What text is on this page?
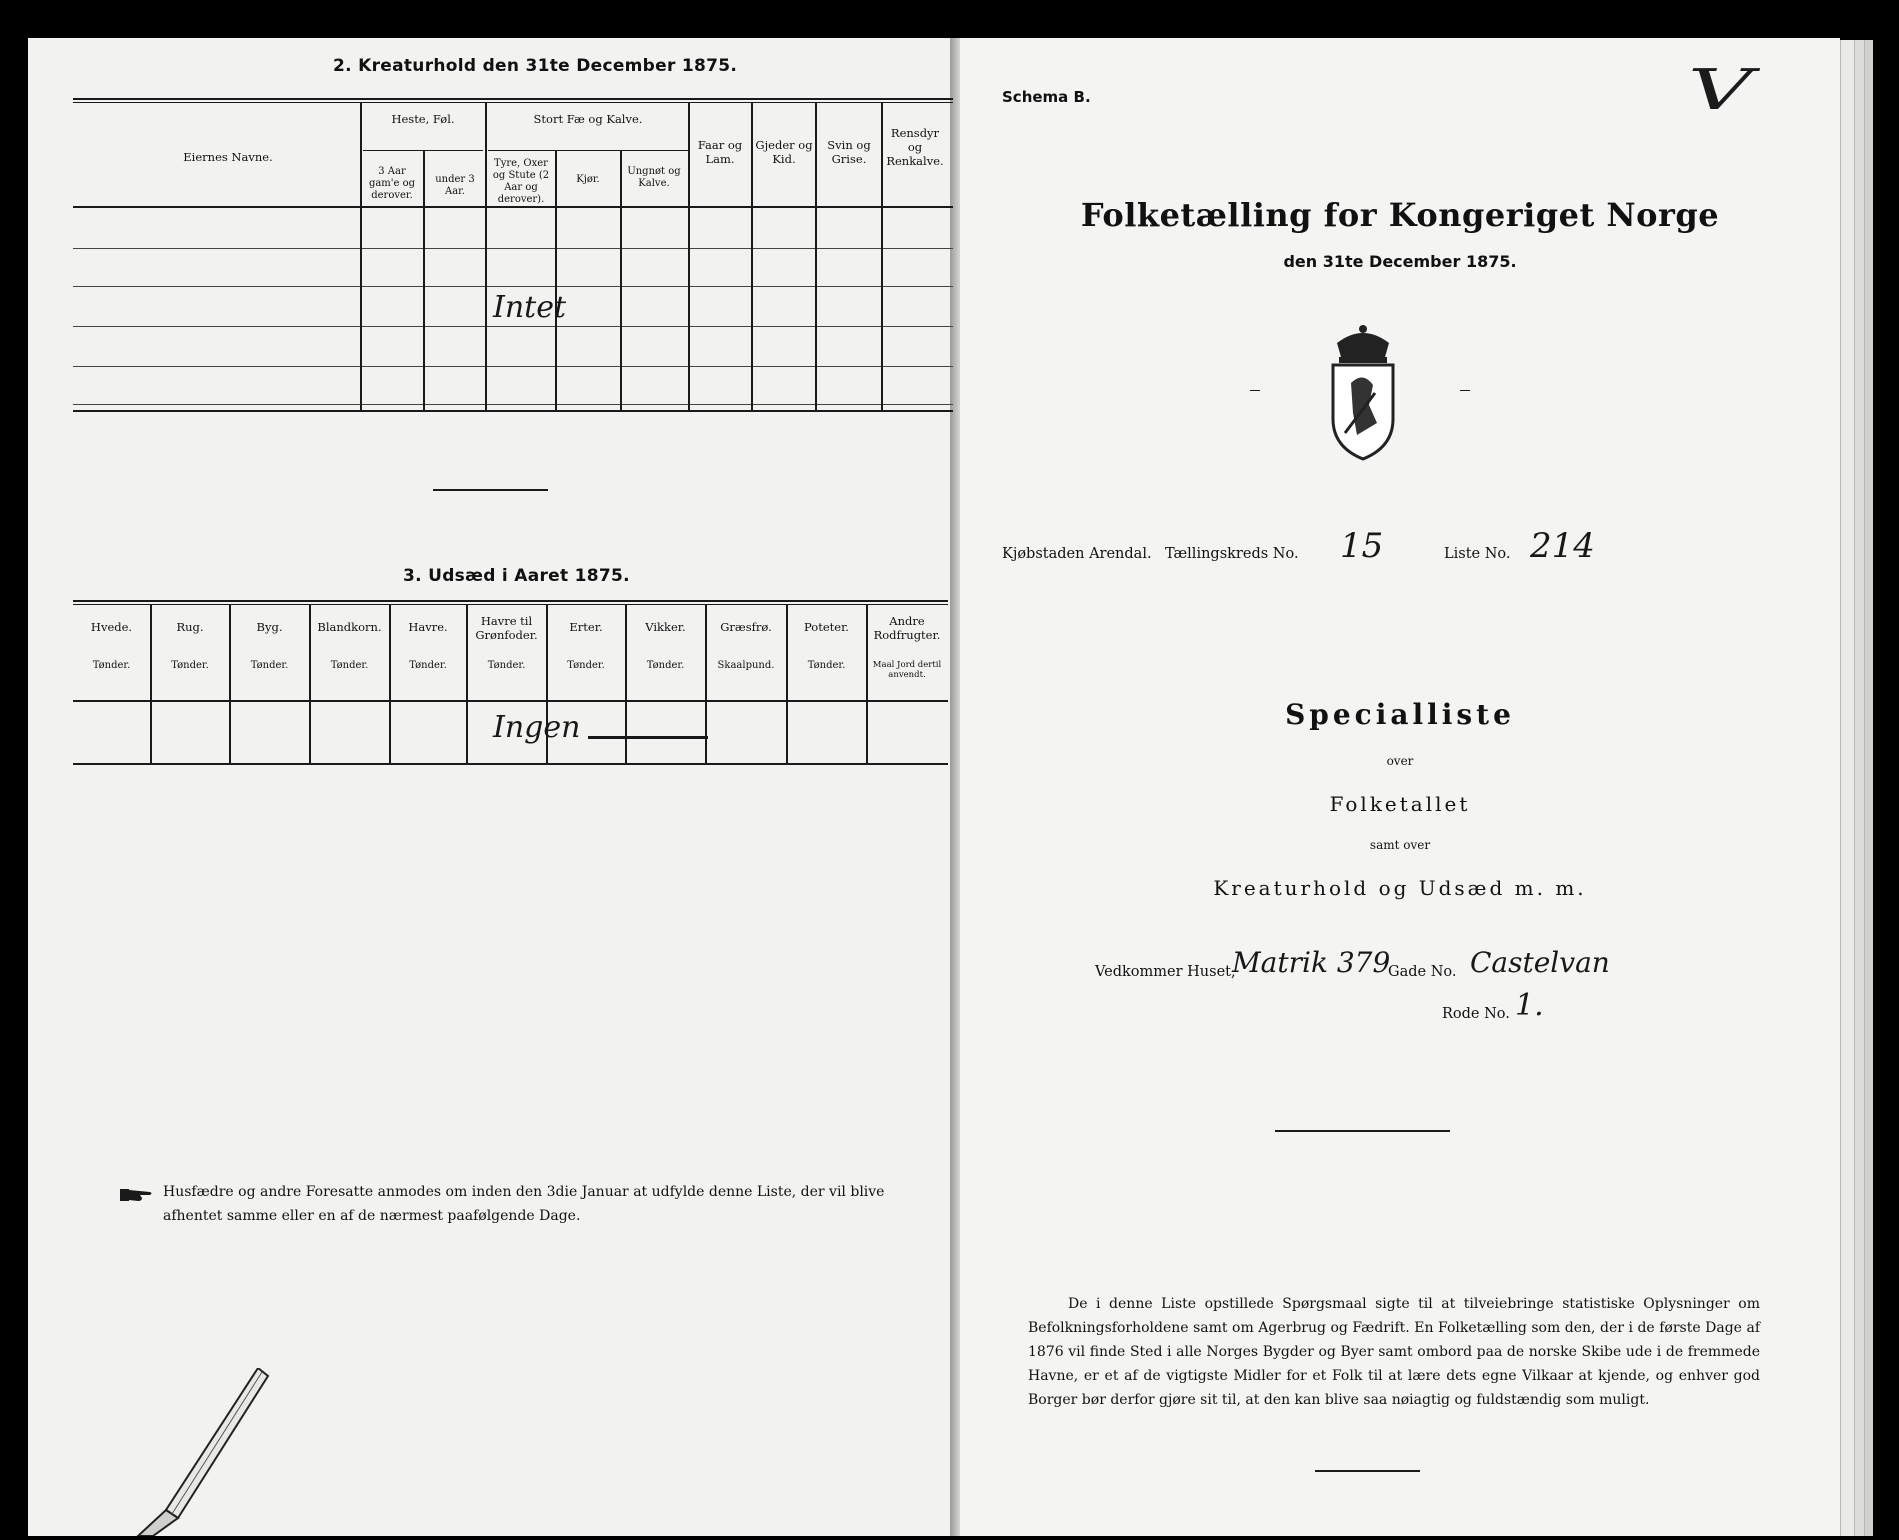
2. Kreaturhold den 31te December 1875.
Eiernes Navne.
Heste, Føl.
3 Aar gam'e og derover.
under 3 Aar.
Stort Fæ og Kalve.
Tyre, Oxer og Stute (2 Aar og derover).
Kjør.
Ungnøt og Kalve.
Faar og Lam.
Gjeder og Kid.
Svin og Grise.
Rensdyr og Renkalve.
Intet
3. Udsæd i Aaret 1875.
Hvede.
Tønder.
Rug.
Tønder.
Byg.
Tønder.
Blandkorn.
Tønder.
Havre.
Tønder.
Havre til Grønfoder.
Tønder.
Erter.
Tønder.
Vikker.
Tønder.
Græsfrø.
Skaalpund.
Poteter.
Tønder.
Andre Rodfrugter.
Maal Jord dertil anvendt.
Ingen
Husfædre og andre Foresatte anmodes om inden den 3die Januar at udfylde denne Liste, der vil blive
afhentet samme eller en af de nærmest paafølgende Dage.
Schema B.	V
Folketælling for Kongeriget Norge
den 31te December 1875.
Kjøbstaden Arendal. Tællingskreds No. 15	Liste No. 214
Specialliste
over
Folketallet
samt over
Kreaturhold og Udsæd m. m.
Vedkommer Huset,
Matrik 379
Gade No. Castelvan
Rode No. 1.
De i denne Liste opstillede Spørgsmaal sigte til at tilveiebringe statistiske Oplysninger om Befolkningsforholdene samt om Agerbrug og Fædrift. En Folketælling som den, der i de første Dage af 1876 vil finde Sted i alle Norges Bygder og Byer samt ombord paa de norske Skibe ude i de fremmede Havne, er et af de vigtigste Midler for et Folk til at lære dets egne Vilkaar at kjende, og enhver god Borger bør derfor gjøre sit til, at den kan blive saa nøiagtig og fuldstændig som muligt.
